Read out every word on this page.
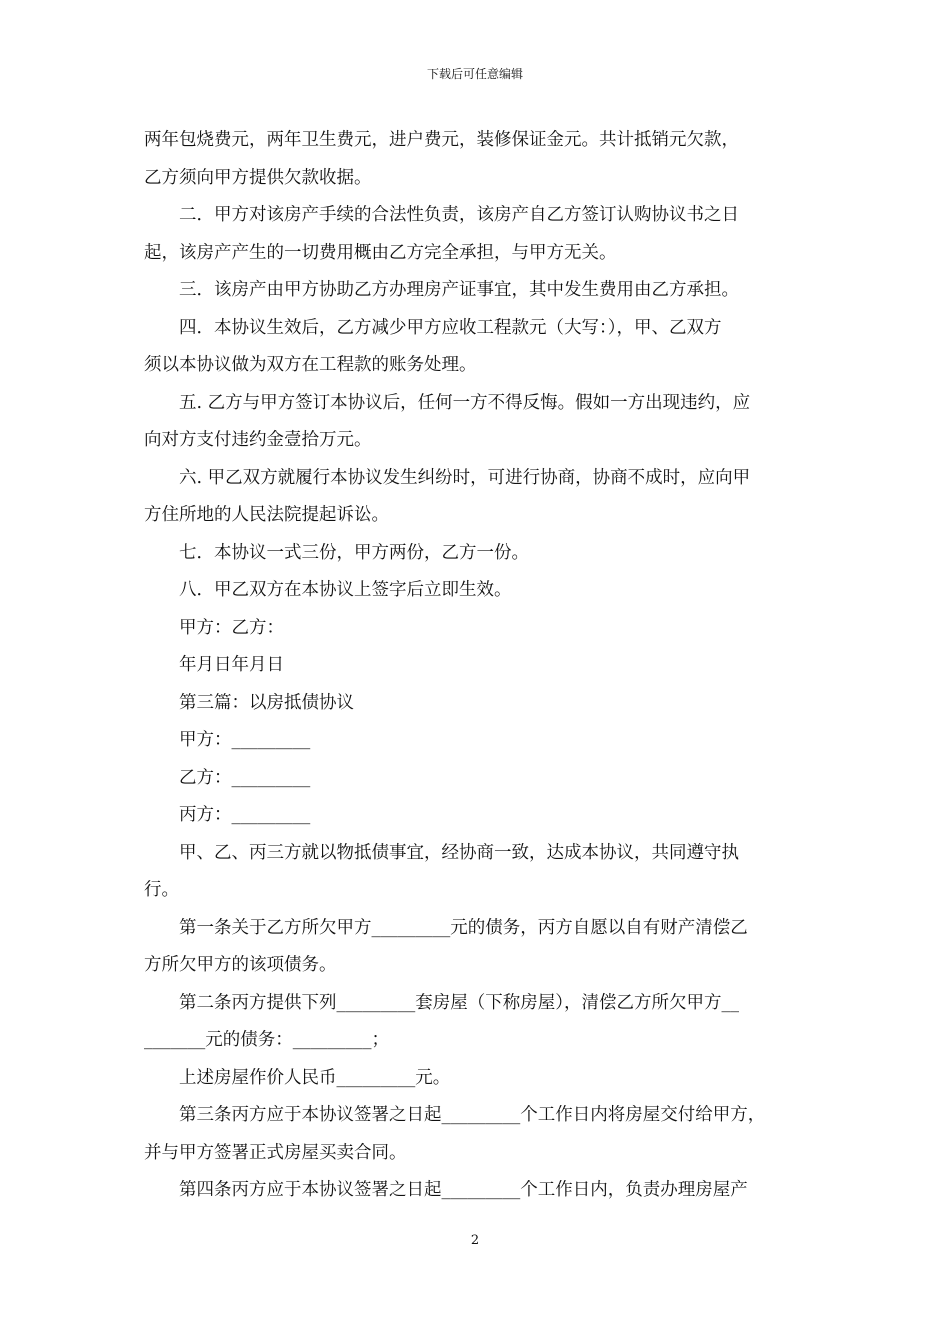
下载后可任意编辑

两年包烧费元，两年卫生费元，进户费元，装修保证金元。共计抵销元欠款，

乙方须向甲方提供欠款收据。

二．甲方对该房产手续的合法性负责，该房产自乙方签订认购协议书之日

起，该房产产生的一切费用概由乙方完全承担，与甲方无关。

三．该房产由甲方协助乙方办理房产证事宜，其中发生费用由乙方承担。

四．本协议生效后，乙方减少甲方应收工程款元（大写：），甲、乙双方

须以本协议做为双方在工程款的账务处理。

五. 乙方与甲方签订本协议后，任何一方不得反悔。假如一方出现违约，应

向对方支付违约金壹拾万元。

六. 甲乙双方就履行本协议发生纠纷时，可进行协商，协商不成时，应向甲

方住所地的人民法院提起诉讼。

七．本协议一式三份，甲方两份，乙方一份。

八．甲乙双方在本协议上签字后立即生效。

甲方：乙方：

年月日年月日

第三篇：以房抵债协议

甲方：_________

乙方：_________

丙方：_________

甲、乙、丙三方就以物抵债事宜，经协商一致，达成本协议，共同遵守执

行。

第一条关于乙方所欠甲方_________元的债务，丙方自愿以自有财产清偿乙

方所欠甲方的该项债务。

第二条丙方提供下列_________套房屋（下称房屋），清偿乙方所欠甲方__

_______元的债务：_________；

上述房屋作价人民币_________元。

第三条丙方应于本协议签署之日起_________个工作日内将房屋交付给甲方，

并与甲方签署正式房屋买卖合同。

第四条丙方应于本协议签署之日起_________个工作日内，负责办理房屋产

2
